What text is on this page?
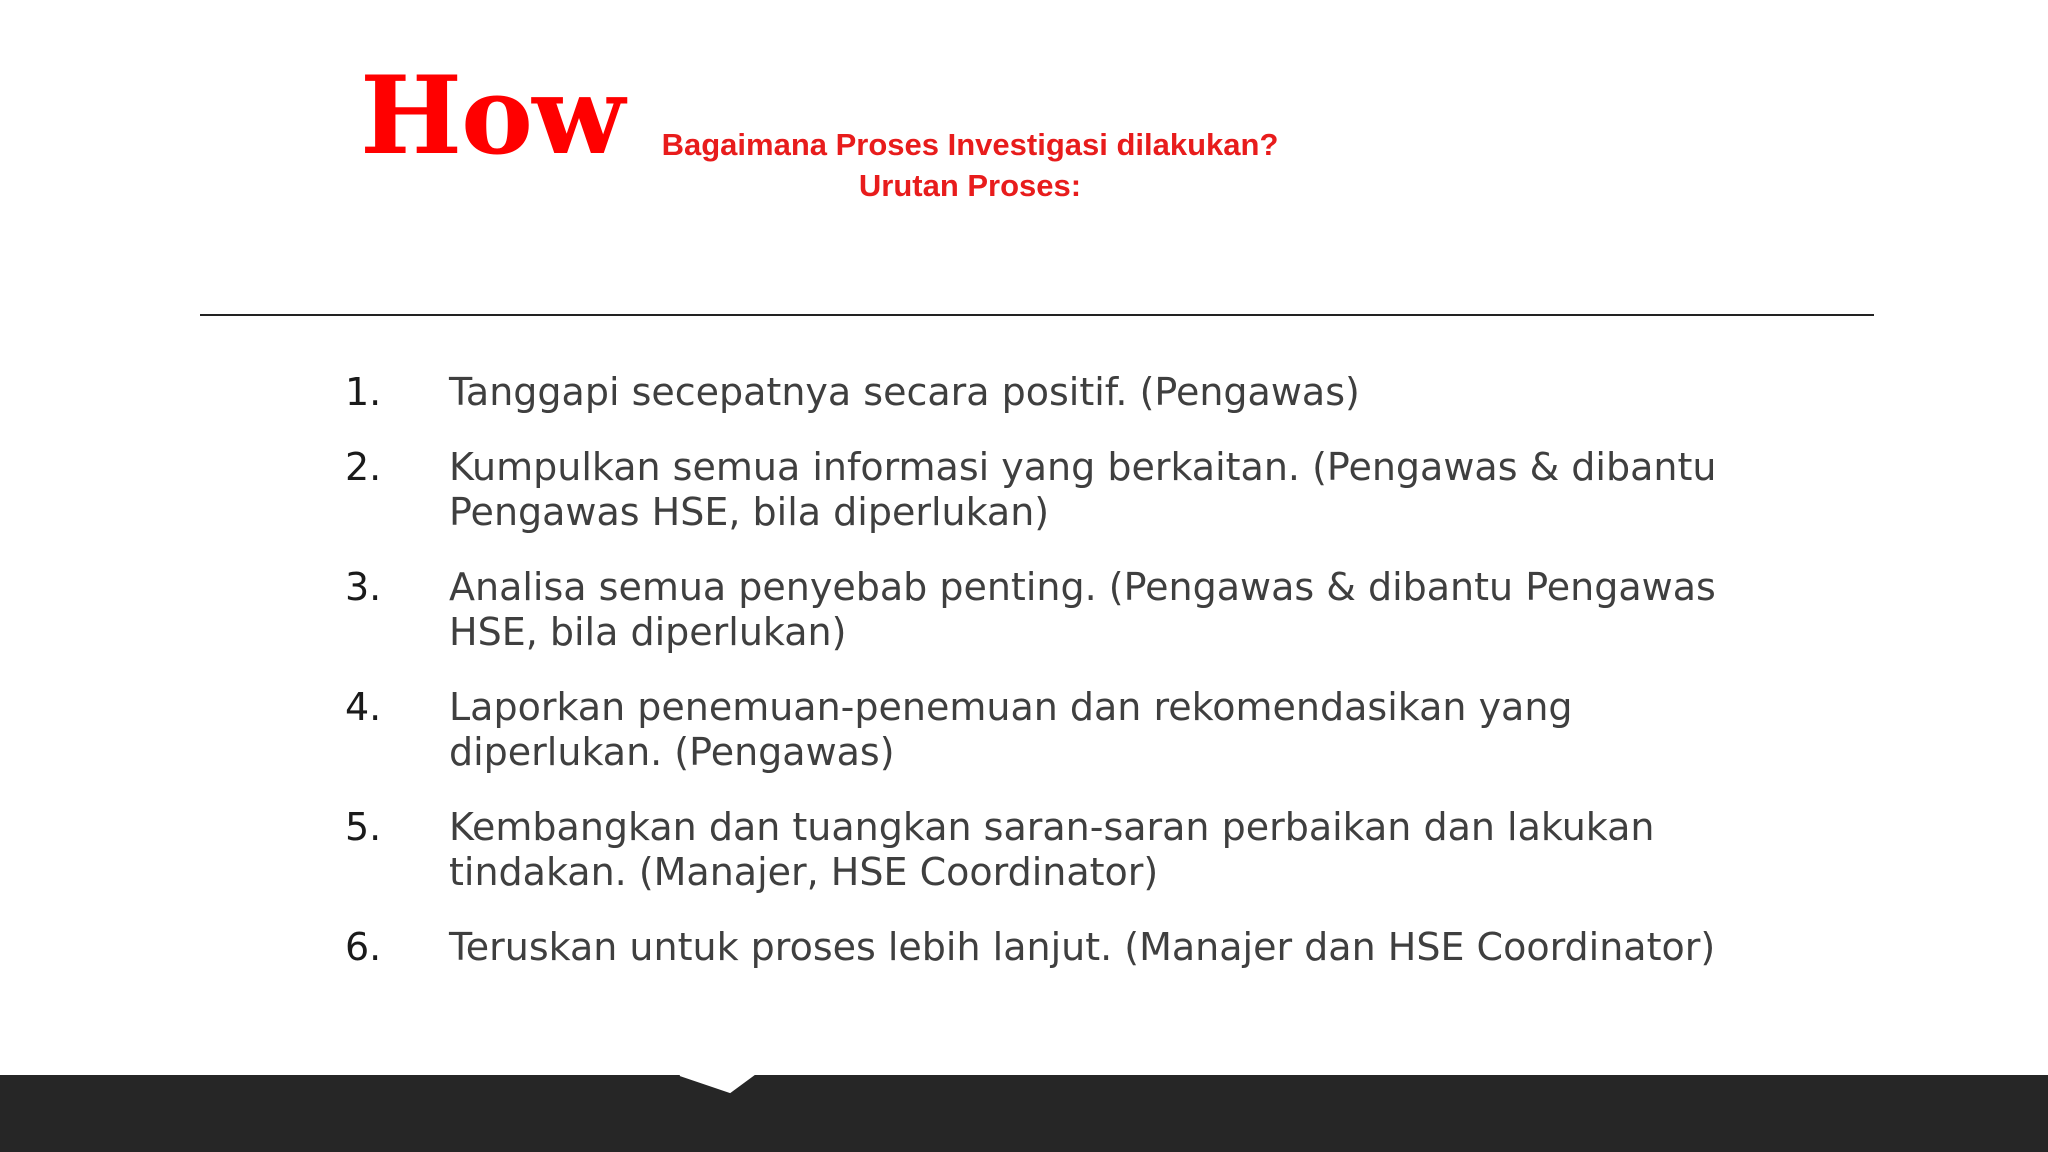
How	Bagaimana Proses Investigasi dilakukan?
Urutan Proses:
1. Tanggapi secepatnya secara positif. (Pengawas)
2. Kumpulkan semua informasi yang berkaitan. (Pengawas & dibantu Pengawas HSE, bila diperlukan)
3. Analisa semua penyebab penting. (Pengawas & dibantu Pengawas HSE, bila diperlukan)
4. Laporkan penemuan-penemuan dan rekomendasikan yang diperlukan. (Pengawas)
5. Kembangkan dan tuangkan saran-saran perbaikan dan lakukan tindakan. (Manajer, HSE Coordinator)
6. Teruskan untuk proses lebih lanjut. (Manajer dan HSE Coordinator)
